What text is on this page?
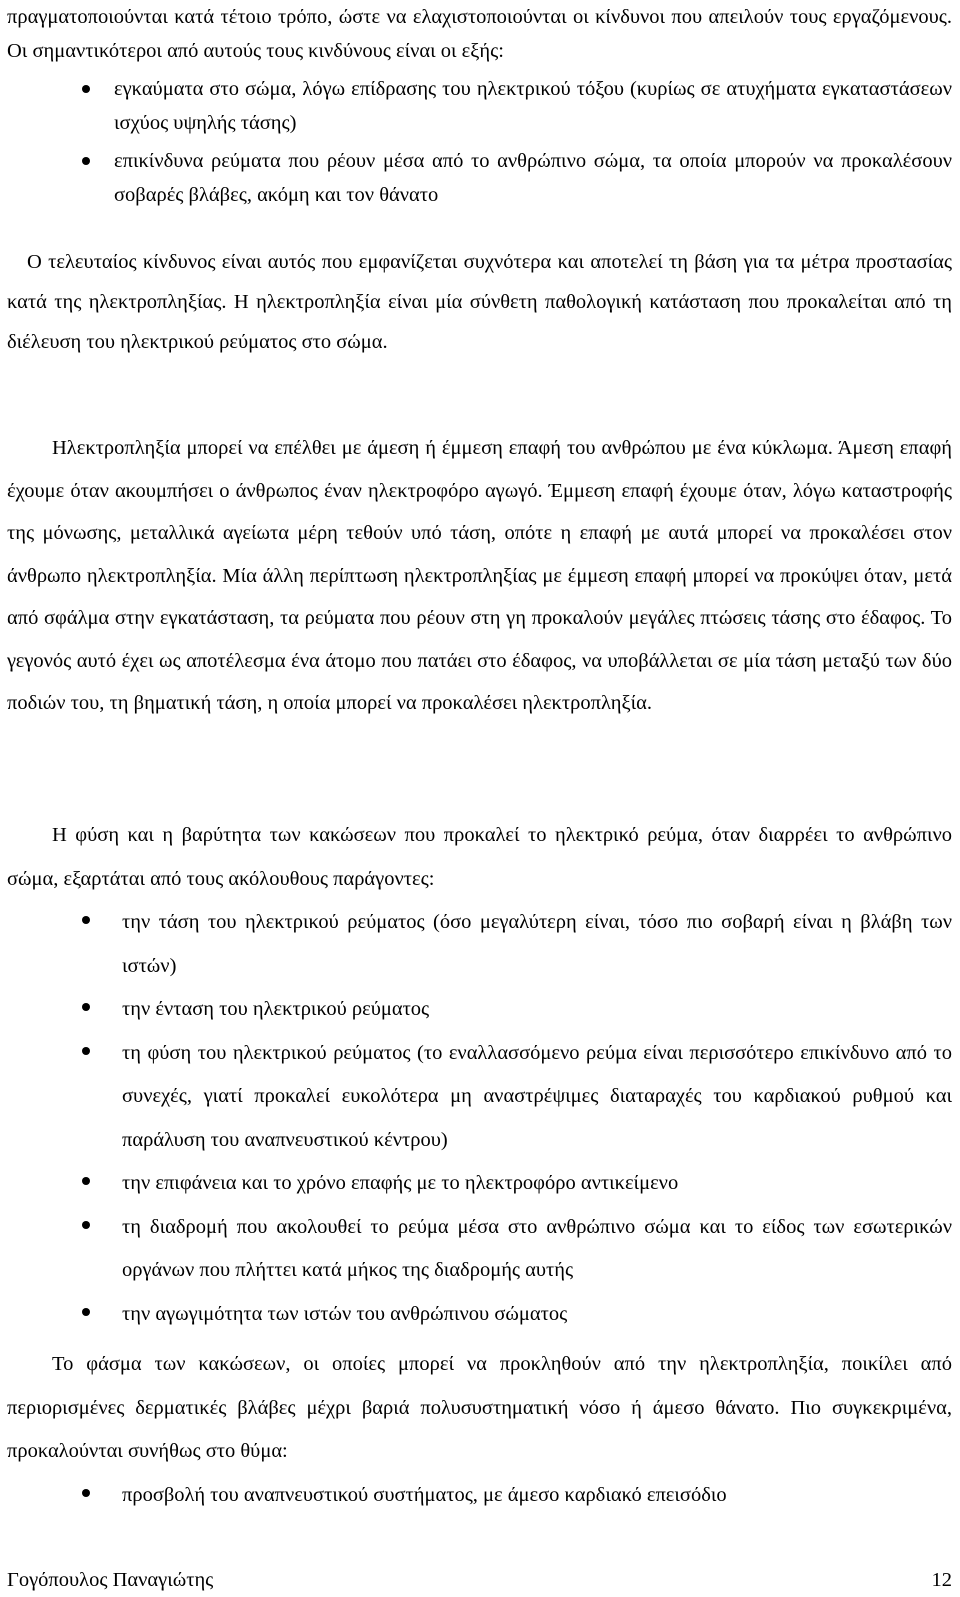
πραγματοποιούνται κατά τέτοιο τρόπο, ώστε να ελαχιστοποιούνται οι κίνδυνοι που απειλούν τους εργαζόμενους. Οι σημαντικότεροι από αυτούς τους κινδύνους είναι οι εξής:

εγκαύματα στο σώμα, λόγω επίδρασης του ηλεκτρικού τόξου (κυρίως σε ατυχήματα εγκαταστάσεων ισχύος υψηλής τάσης)
επικίνδυνα ρεύματα που ρέουν μέσα από το ανθρώπινο σώμα, τα οποία μπορούν να προκαλέσουν σοβαρές βλάβες, ακόμη και τον θάνατο

Ο τελευταίος κίνδυνος είναι αυτός που εμφανίζεται συχνότερα και αποτελεί τη βάση για τα μέτρα προστασίας κατά της ηλεκτροπληξίας. Η ηλεκτροπληξία είναι μία σύνθετη παθολογική κατάσταση που προκαλείται από τη διέλευση του ηλεκτρικού ρεύματος στο σώμα.

Ηλεκτροπληξία μπορεί να επέλθει με άμεση ή έμμεση επαφή του ανθρώπου με ένα κύκλωμα. Άμεση επαφή έχουμε όταν ακουμπήσει ο άνθρωπος έναν ηλεκτροφόρο αγωγό. Έμμεση επαφή έχουμε όταν, λόγω καταστροφής της μόνωσης, μεταλλικά αγείωτα μέρη τεθούν υπό τάση, οπότε η επαφή με αυτά μπορεί να προκαλέσει στον άνθρωπο ηλεκτροπληξία. Μία άλλη περίπτωση ηλεκτροπληξίας με έμμεση επαφή μπορεί να προκύψει όταν, μετά από σφάλμα στην εγκατάσταση, τα ρεύματα που ρέουν στη γη προκαλούν μεγάλες πτώσεις τάσης στο έδαφος. Το γεγονός αυτό έχει ως αποτέλεσμα ένα άτομο που πατάει στο έδαφος, να υποβάλλεται σε μία τάση μεταξύ των δύο ποδιών του, τη βηματική τάση, η οποία μπορεί να προκαλέσει ηλεκτροπληξία.

Η φύση και η βαρύτητα των κακώσεων που προκαλεί το ηλεκτρικό ρεύμα, όταν διαρρέει το ανθρώπινο σώμα, εξαρτάται από τους ακόλουθους παράγοντες:

την τάση του ηλεκτρικού ρεύματος (όσο μεγαλύτερη είναι, τόσο πιο σοβαρή είναι η βλάβη των ιστών)
την ένταση του ηλεκτρικού ρεύματος
τη φύση του ηλεκτρικού ρεύματος (το εναλλασσόμενο ρεύμα είναι περισσότερο επικίνδυνο από το συνεχές, γιατί προκαλεί ευκολότερα μη αναστρέψιμες διαταραχές του καρδιακού ρυθμού και παράλυση του αναπνευστικού κέντρου)
την επιφάνεια και το χρόνο επαφής με το ηλεκτροφόρο αντικείμενο
τη διαδρομή που ακολουθεί το ρεύμα μέσα στο ανθρώπινο σώμα και το είδος των εσωτερικών οργάνων που πλήττει κατά μήκος της διαδρομής αυτής
την αγωγιμότητα των ιστών του ανθρώπινου σώματος

Το φάσμα των κακώσεων, οι οποίες μπορεί να προκληθούν από την ηλεκτροπληξία, ποικίλει από περιορισμένες δερματικές βλάβες μέχρι βαριά πολυσυστηματική νόσο ή άμεσο θάνατο. Πιο συγκεκριμένα, προκαλούνται συνήθως στο θύμα:

προσβολή του αναπνευστικού συστήματος, με άμεσο καρδιακό επεισόδιο
Γογόπουλος Παναγιώτης	12
